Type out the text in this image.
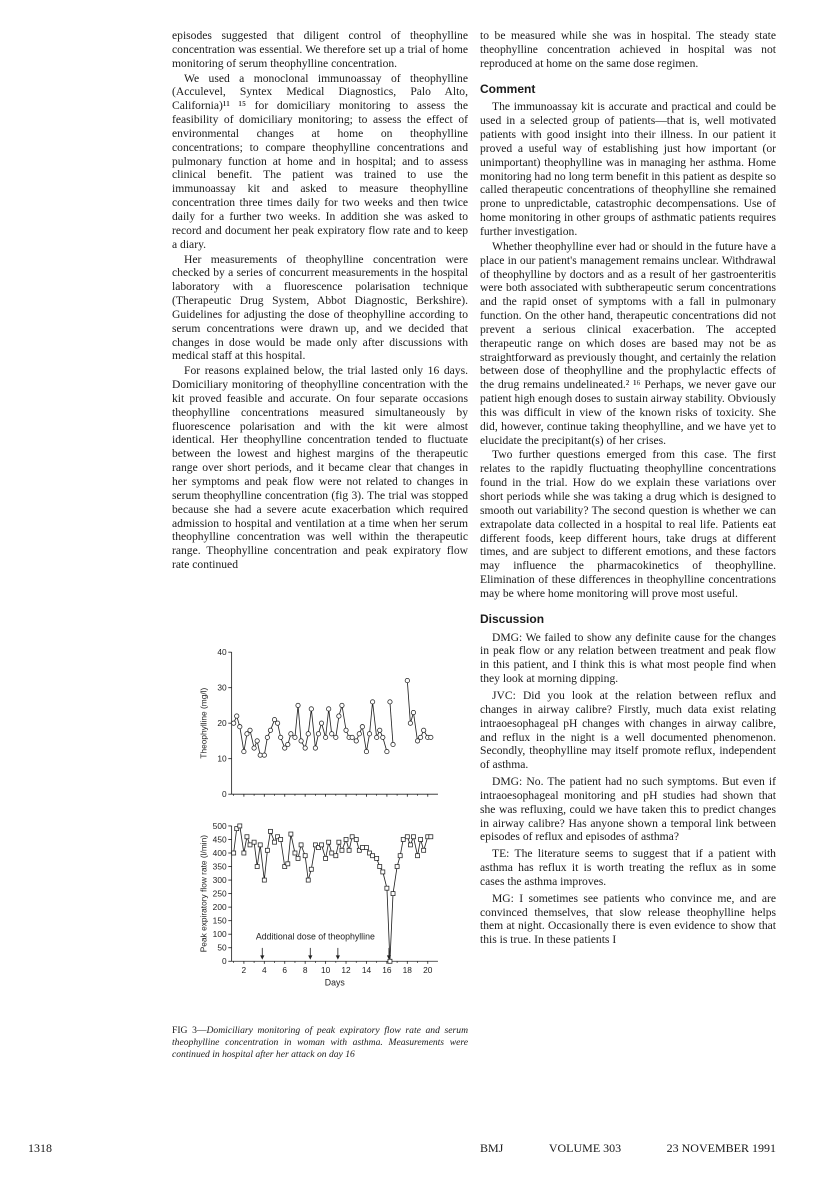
episodes suggested that diligent control of theophylline concentration was essential. We therefore set up a trial of home monitoring of serum theophylline concentration.

We used a monoclonal immunoassay of theophylline (Acculevel, Syntex Medical Diagnostics, Palo Alto, California)¹¹ ¹⁵ for domiciliary monitoring to assess the feasibility of domiciliary monitoring; to assess the effect of environmental changes at home on theophylline concentrations; to compare theophylline concentrations and pulmonary function at home and in hospital; and to assess clinical benefit. The patient was trained to use the immunoassay kit and asked to measure theophylline concentration three times daily for two weeks and then twice daily for a further two weeks. In addition she was asked to record and document her peak expiratory flow rate and to keep a diary.

Her measurements of theophylline concentration were checked by a series of concurrent measurements in the hospital laboratory with a fluorescence polarisation technique (Therapeutic Drug System, Abbot Diagnostic, Berkshire). Guidelines for adjusting the dose of theophylline according to serum concentrations were drawn up, and we decided that changes in dose would be made only after discussions with medical staff at this hospital.

For reasons explained below, the trial lasted only 16 days. Domiciliary monitoring of theophylline concentration with the kit proved feasible and accurate. On four separate occasions theophylline concentrations measured simultaneously by fluorescence polarisation and with the kit were almost identical. Her theophylline concentration tended to fluctuate between the lowest and highest margins of the therapeutic range over short periods, and it became clear that changes in her symptoms and peak flow were not related to changes in serum theophylline concentration (fig 3). The trial was stopped because she had a severe acute exacerbation which required admission to hospital and ventilation at a time when her serum theophylline concentration was well within the therapeutic range. Theophylline concentration and peak expiratory flow rate continued

to be measured while she was in hospital. The steady state theophylline concentration achieved in hospital was not reproduced at home on the same dose regimen.

Comment

The immunoassay kit is accurate and practical and could be used in a selected group of patients—that is, well motivated patients with good insight into their illness. In our patient it proved a useful way of establishing just how important (or unimportant) theophylline was in managing her asthma. Home monitoring had no long term benefit in this patient as despite so called therapeutic concentrations of theophylline she remained prone to unpredictable, catastrophic decompensations. Use of home monitoring in other groups of asthmatic patients requires further investigation.

Whether theophylline ever had or should in the future have a place in our patient's management remains unclear. Withdrawal of theophylline by doctors and as a result of her gastroenteritis were both associated with subtherapeutic serum concentrations and the rapid onset of symptoms with a fall in pulmonary function. On the other hand, therapeutic concentrations did not prevent a serious clinical exacerbation. The accepted therapeutic range on which doses are based may not be as straightforward as previously thought, and certainly the relation between dose of theophylline and the prophylactic effects of the drug remains undelineated.² ¹⁶ Perhaps, we never gave our patient high enough doses to sustain airway stability. Obviously this was difficult in view of the known risks of toxicity. She did, however, continue taking theophylline, and we have yet to elucidate the precipitant(s) of her crises.

Two further questions emerged from this case. The first relates to the rapidly fluctuating theophylline concentrations found in the trial. How do we explain these variations over short periods while she was taking a drug which is designed to smooth out variability? The second question is whether we can extrapolate data collected in a hospital to real life. Patients eat different foods, keep different hours, take drugs at different times, and are subject to different emotions, and these factors may influence the pharmacokinetics of theophylline. Elimination of these differences in theophylline concentrations may be where home monitoring will prove most useful.

Discussion

DMG: We failed to show any definite cause for the changes in peak flow or any relation between treatment and peak flow in this patient, and I think this is what most people find when they look at morning dipping.

JVC: Did you look at the relation between reflux and changes in airway calibre? Firstly, much data exist relating intraoesophageal pH changes with changes in airway calibre, and reflux in the night is a well documented phenomenon. Secondly, theophylline may itself promote reflux, independent of asthma.

DMG: No. The patient had no such symptoms. But even if intraoesophageal monitoring and pH studies had shown that she was refluxing, could we have taken this to predict changes in airway calibre? Has anyone shown a temporal link between episodes of reflux and episodes of asthma?

TE: The literature seems to suggest that if a patient with asthma has reflux it is worth treating the reflux as in some cases the asthma improves.

MG: I sometimes see patients who convince me, and are convinced themselves, that slow release theophylline helps them at night. Occasionally there is even evidence to show that this is true. In these patients I

0
10
20
30
40
Theophylline (mg/l)
0
50
100
150
200
250
300
350
400
450
500
Peak expiratory flow rate (l/min)
2 4 6 8 10 12 14 16 18 20
Days
Additional dose of theophylline
FIG 3—Domiciliary monitoring of peak expiratory flow rate and serum theophylline concentration in woman with asthma. Measurements were continued in hospital after her attack on day 16
1318	BMJ	VOLUME 303	23 NOVEMBER 1991
